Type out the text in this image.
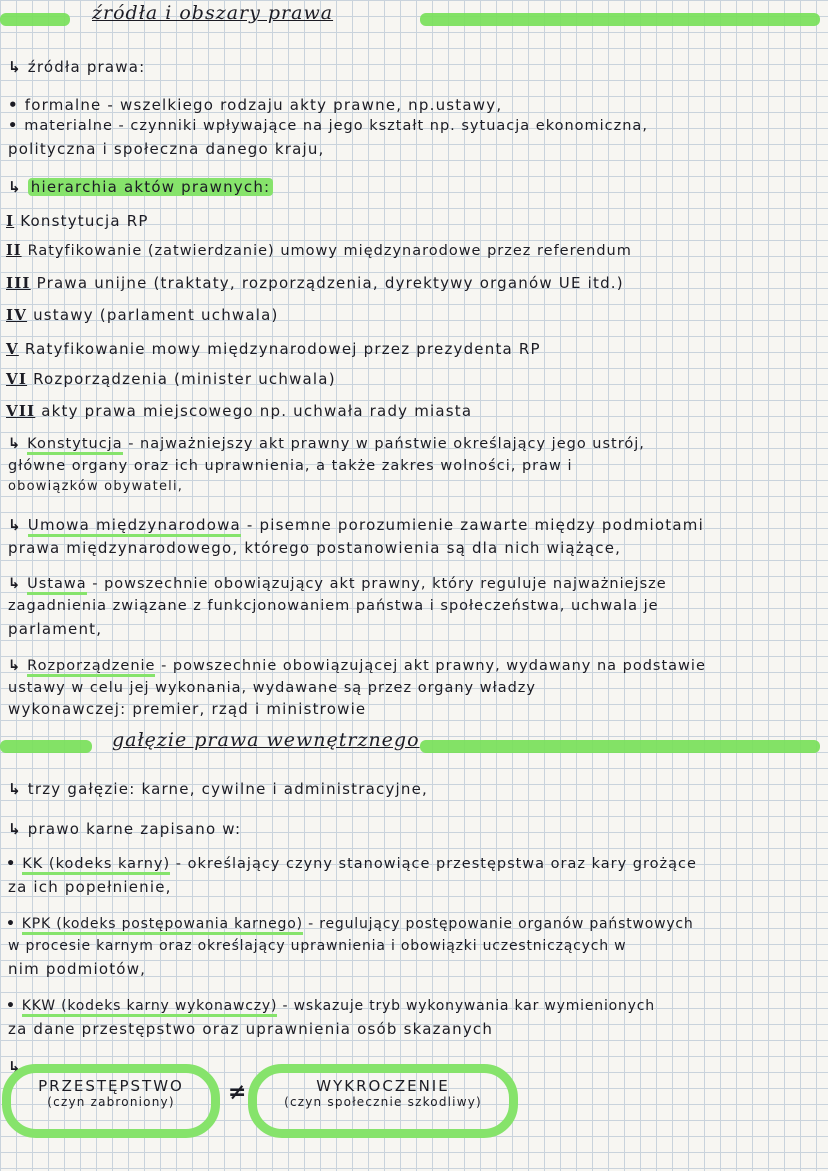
źródła i obszary prawa
↳ źródła prawa:
• formalne - wszelkiego rodzaju akty prawne, np.ustawy,
• materialne - czynniki wpływające na jego kształt np. sytuacja ekonomiczna,
polityczna i społeczna danego kraju,
↳ hierarchia aktów prawnych:
I Konstytucja RP
II Ratyfikowanie (zatwierdzanie) umowy międzynarodowe przez referendum
III Prawa unijne (traktaty, rozporządzenia, dyrektywy organów UE itd.)
IV ustawy (parlament uchwala)
V Ratyfikowanie mowy międzynarodowej przez prezydenta RP
VI Rozporządzenia (minister uchwala)
VII akty prawa miejscowego np. uchwała rady miasta
↳ Konstytucja - najważniejszy akt prawny w państwie określający jego ustrój,
główne organy oraz ich uprawnienia, a także zakres wolności, praw i
obowiązków obywateli,
↳ Umowa międzynarodowa - pisemne porozumienie zawarte między podmiotami
prawa międzynarodowego, którego postanowienia są dla nich wiążące,
↳ Ustawa - powszechnie obowiązujący akt prawny, który reguluje najważniejsze
zagadnienia związane z funkcjonowaniem państwa i społeczeństwa, uchwala je
parlament,
↳ Rozporządzenie - powszechnie obowiązującej akt prawny, wydawany na podstawie
ustawy w celu jej wykonania, wydawane są przez organy władzy
wykonawczej: premier, rząd i ministrowie
gałęzie prawa wewnętrznego
↳ trzy gałęzie: karne, cywilne i administracyjne,
↳ prawo karne zapisano w:
• KK (kodeks karny) - określający czyny stanowiące przestępstwa oraz kary grożące
za ich popełnienie,
• KPK (kodeks postępowania karnego) - regulujący postępowanie organów państwowych
w procesie karnym oraz określający uprawnienia i obowiązki uczestniczących w
nim podmiotów,
• KKW (kodeks karny wykonawczy) - wskazuje tryb wykonywania kar wymienionych
za dane przestępstwo oraz uprawnienia osób skazanych
↳
PRZESTĘPSTWO
(czyn zabroniony)	≠	WYKROCZENIE
(czyn społecznie szkodliwy)
